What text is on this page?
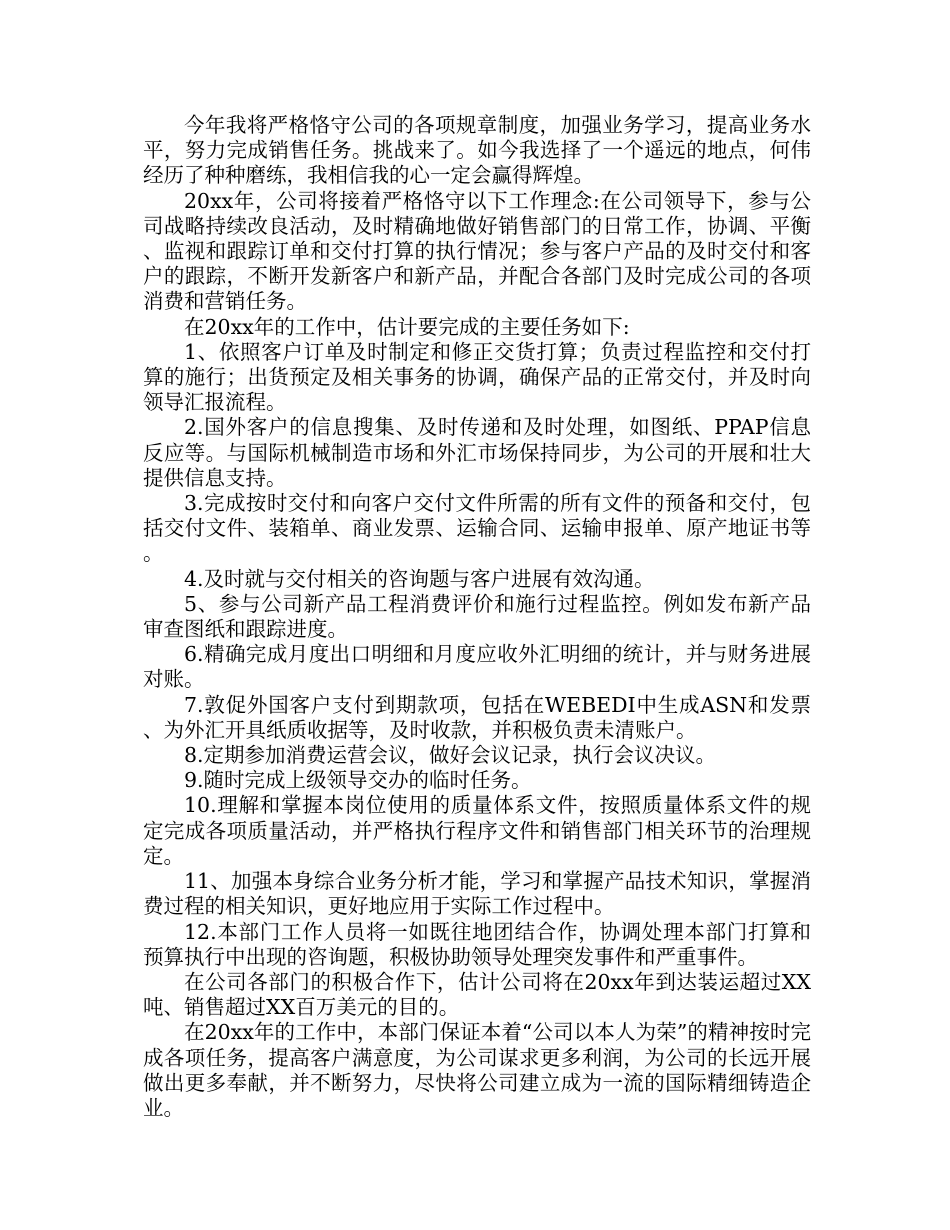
今年我将严格恪守公司的各项规章制度，加强业务学习，提高业务水平，努力完成销售任务。挑战来了。如今我选择了一个遥远的地点，何伟经历了种种磨练，我相信我的心一定会赢得辉煌。

20xx年，公司将接着严格恪守以下工作理念:在公司领导下，参与公司战略持续改良活动，及时精确地做好销售部门的日常工作，协调、平衡、监视和跟踪订单和交付打算的执行情况；参与客户产品的及时交付和客户的跟踪，不断开发新客户和新产品，并配合各部门及时完成公司的各项消费和营销任务。

在20xx年的工作中，估计要完成的主要任务如下:

1、依照客户订单及时制定和修正交货打算；负责过程监控和交付打算的施行；出货预定及相关事务的协调，确保产品的正常交付，并及时向领导汇报流程。

2.国外客户的信息搜集、及时传递和及时处理，如图纸、PPAP信息反应等。与国际机械制造市场和外汇市场保持同步，为公司的开展和壮大提供信息支持。

3.完成按时交付和向客户交付文件所需的所有文件的预备和交付，包括交付文件、装箱单、商业发票、运输合同、运输申报单、原产地证书等。

4.及时就与交付相关的咨询题与客户进展有效沟通。

5、参与公司新产品工程消费评价和施行过程监控。例如发布新产品审查图纸和跟踪进度。

6.精确完成月度出口明细和月度应收外汇明细的统计，并与财务进展对账。

7.敦促外国客户支付到期款项，包括在WEBEDI中生成ASN和发票、为外汇开具纸质收据等，及时收款，并积极负责未清账户。

8.定期参加消费运营会议，做好会议记录，执行会议决议。

9.随时完成上级领导交办的临时任务。

10.理解和掌握本岗位使用的质量体系文件，按照质量体系文件的规定完成各项质量活动，并严格执行程序文件和销售部门相关环节的治理规定。

11、加强本身综合业务分析才能，学习和掌握产品技术知识，掌握消费过程的相关知识，更好地应用于实际工作过程中。

12.本部门工作人员将一如既往地团结合作，协调处理本部门打算和预算执行中出现的咨询题，积极协助领导处理突发事件和严重事件。

在公司各部门的积极合作下，估计公司将在20xx年到达装运超过XX吨、销售超过XX百万美元的目的。

在20xx年的工作中，本部门保证本着“公司以本人为荣”的精神按时完成各项任务，提高客户满意度，为公司谋求更多利润，为公司的长远开展做出更多奉献，并不断努力，尽快将公司建立成为一流的国际精细铸造企业。
